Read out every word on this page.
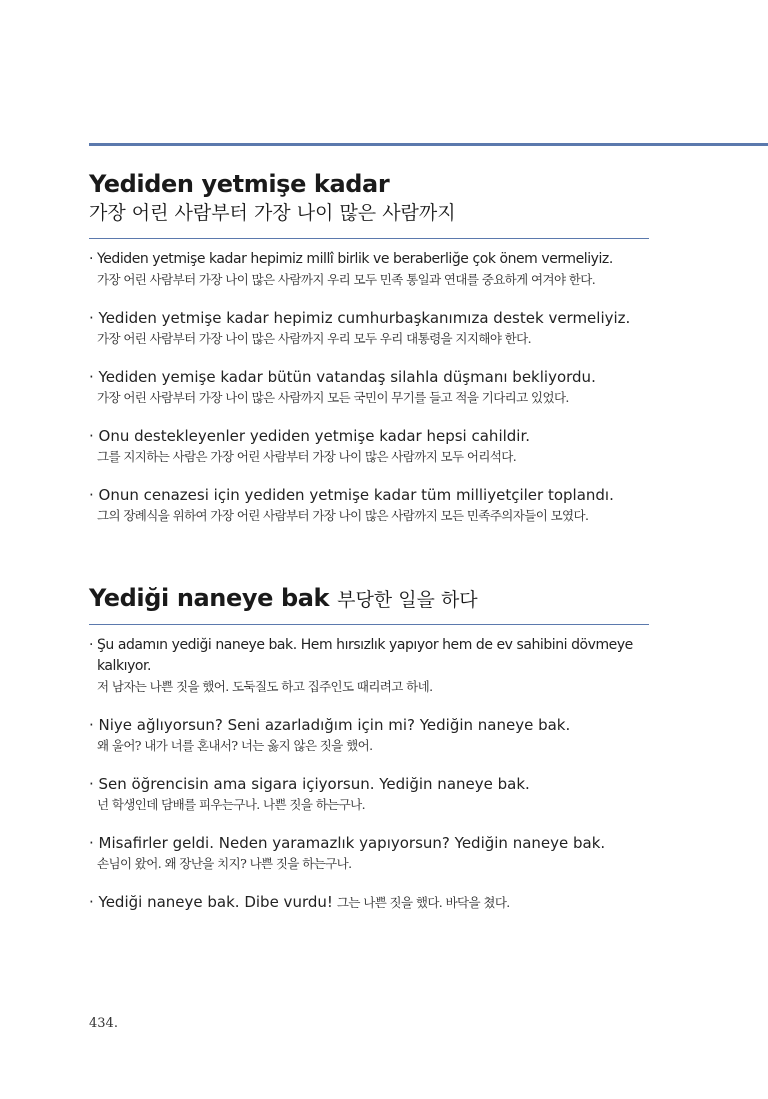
Yediden yetmişe kadar
가장 어린 사람부터 가장 나이 많은 사람까지
· Yediden yetmişe kadar hepimiz millî birlik ve beraberliğe çok önem vermeliyiz.
가장 어린 사람부터 가장 나이 많은 사람까지 우리 모두 민족 통일과 연대를 중요하게 여겨야 한다.
· Yediden yetmişe kadar hepimiz cumhurbaşkanımıza destek vermeliyiz.
가장 어린 사람부터 가장 나이 많은 사람까지 우리 모두 우리 대통령을 지지해야 한다.
· Yediden yemişe kadar bütün vatandaş silahla düşmanı bekliyordu.
가장 어린 사람부터 가장 나이 많은 사람까지 모든 국민이 무기를 들고 적을 기다리고 있었다.
· Onu destekleyenler yediden yetmişe kadar hepsi cahildir.
그를 지지하는 사람은 가장 어린 사람부터 가장 나이 많은 사람까지 모두 어리석다.
· Onun cenazesi için yediden yetmişe kadar tüm milliyetçiler toplandı.
그의 장례식을 위하여 가장 어린 사람부터 가장 나이 많은 사람까지 모든 민족주의자들이 모였다.
Yediği naneye bak 부당한 일을 하다
· Şu adamın yediği naneye bak. Hem hırsızlık yapıyor hem de ev sahibini dövmeye kalkıyor.
저 남자는 나쁜 짓을 했어. 도둑질도 하고 집주인도 때리려고 하네.
· Niye ağlıyorsun? Seni azarladığım için mi? Yediğin naneye bak.
왜 울어? 내가 너를 혼내서? 너는 옳지 않은 짓을 했어.
· Sen öğrencisin ama sigara içiyorsun. Yediğin naneye bak.
넌 학생인데 담배를 피우는구나. 나쁜 짓을 하는구나.
· Misafirler geldi. Neden yaramazlık yapıyorsun? Yediğin naneye bak.
손님이 왔어. 왜 장난을 치지? 나쁜 짓을 하는구나.
· Yediği naneye bak. Dibe vurdu! 그는 나쁜 짓을 했다. 바닥을 쳤다.
434.
